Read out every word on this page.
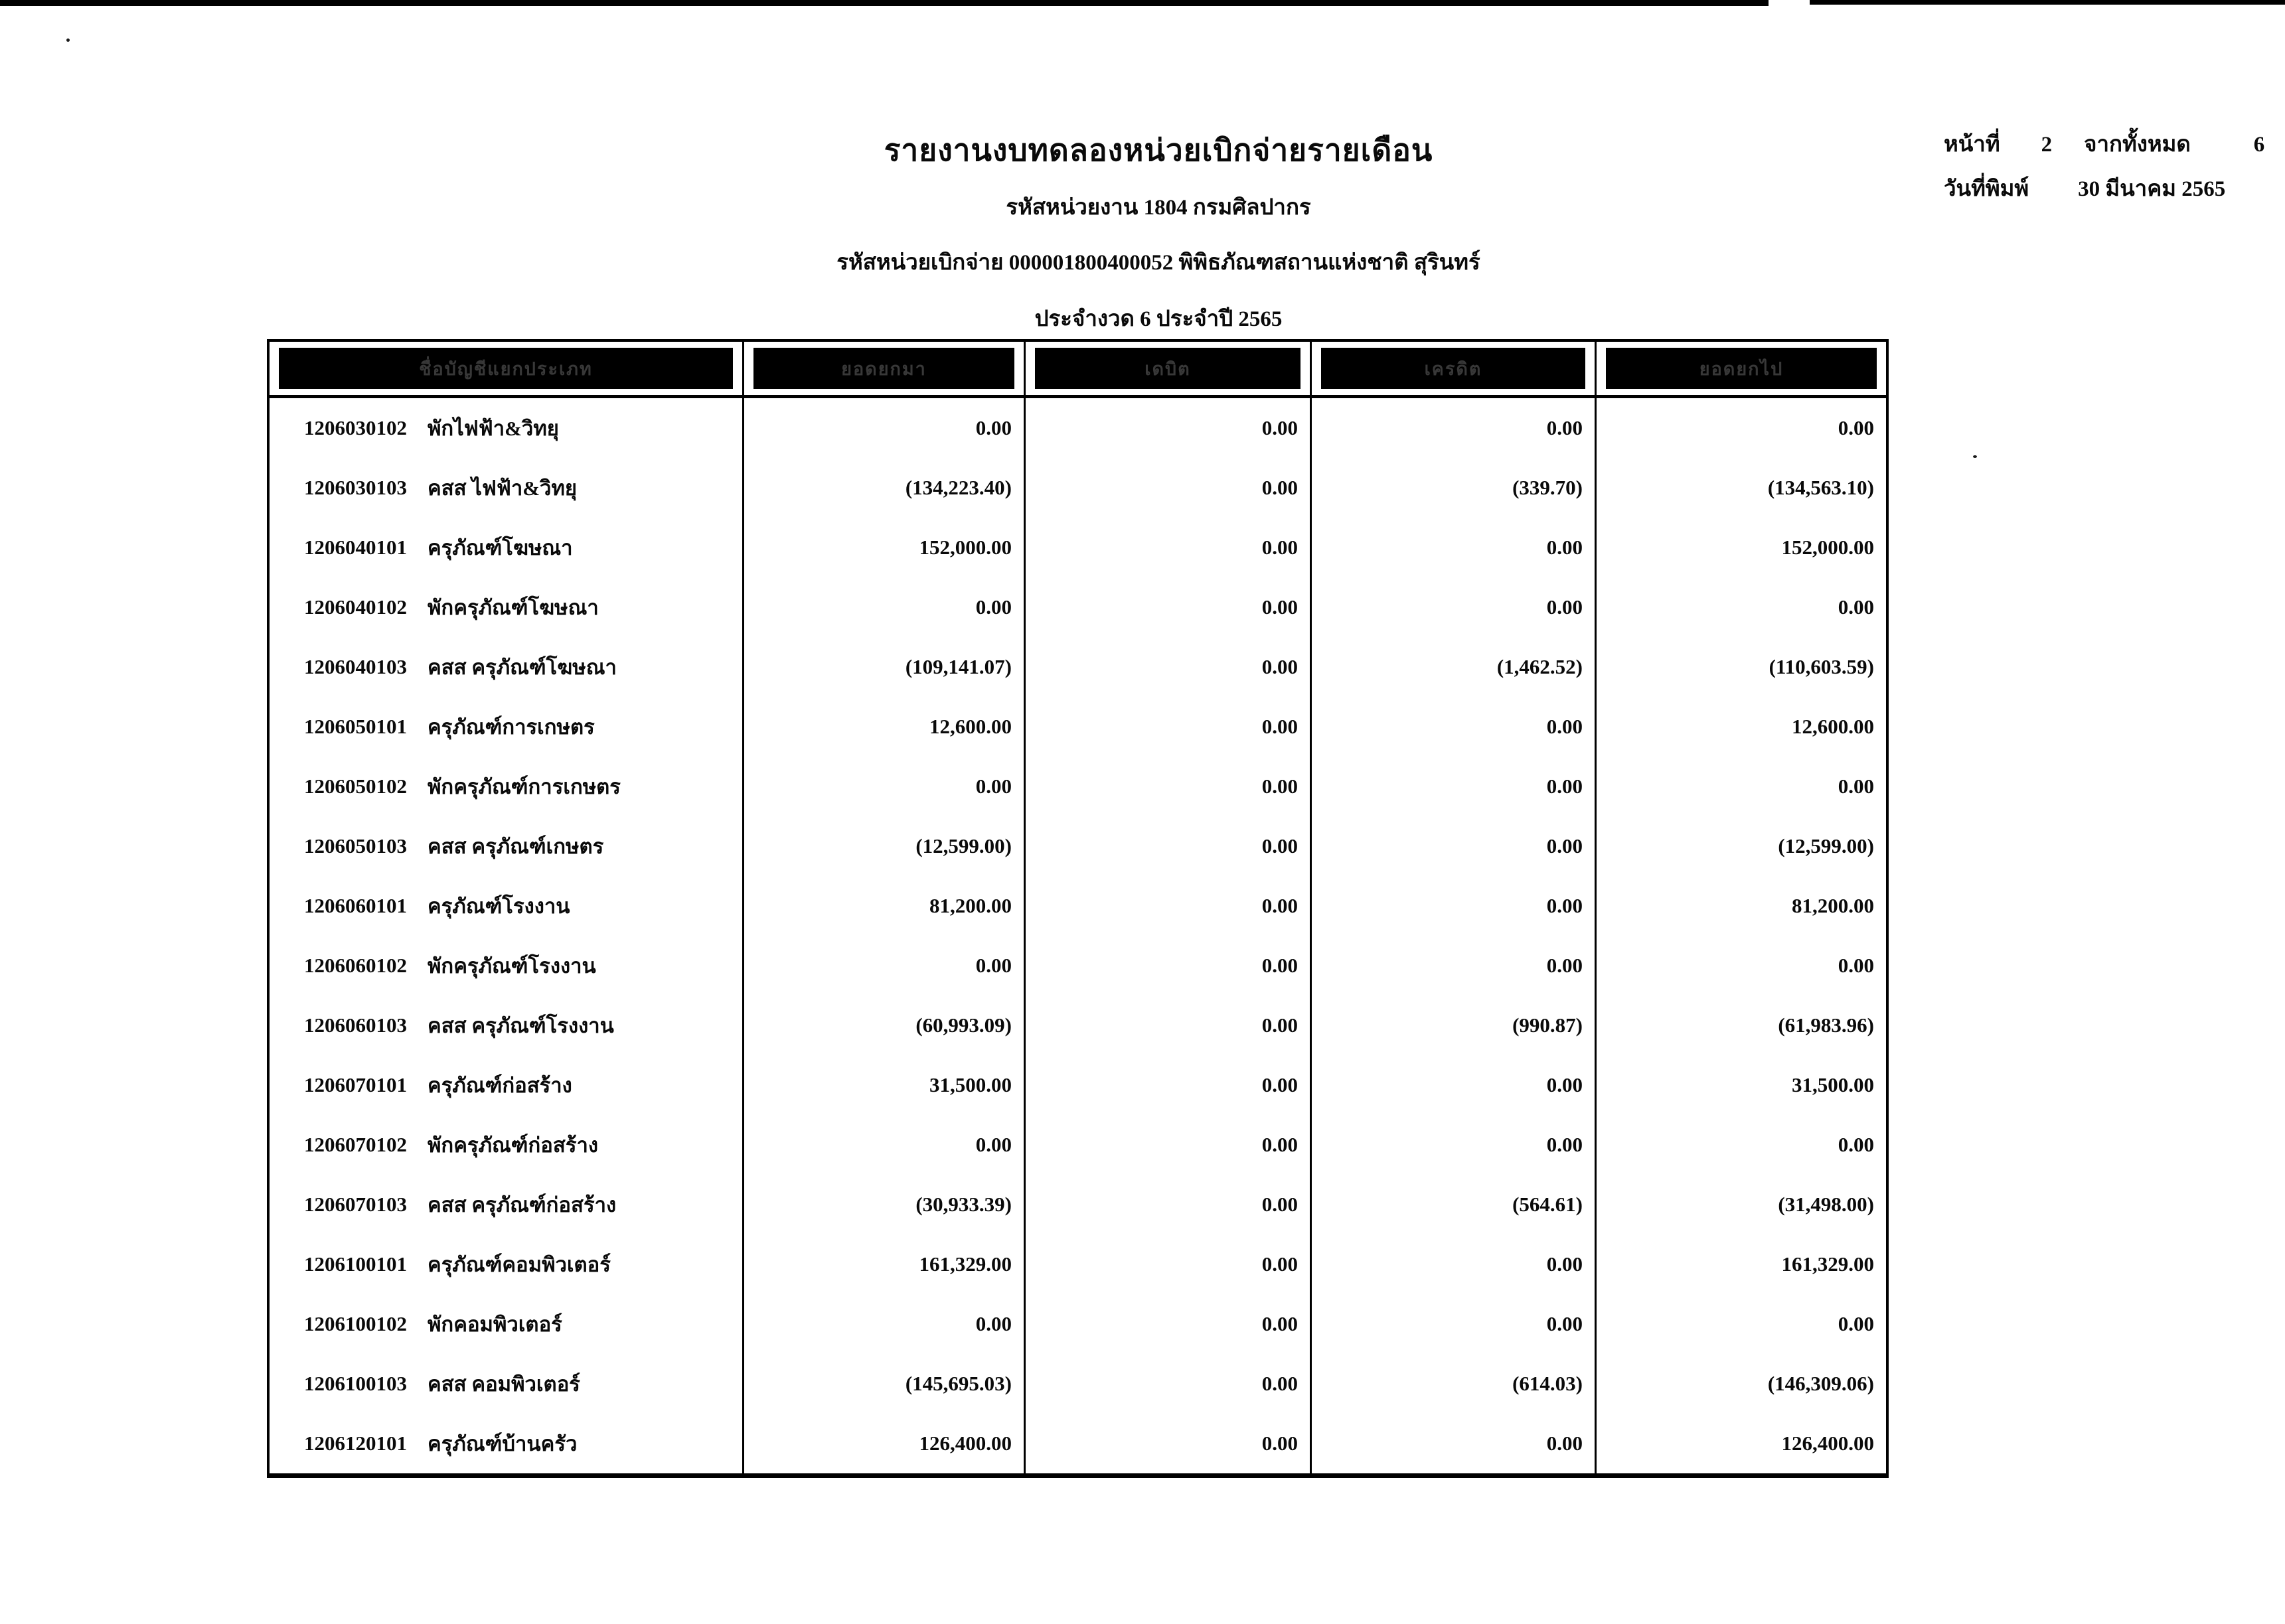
รายงานงบทดลองหน่วยเบิกจ่ายรายเดือน
รหัสหน่วยงาน 1804 กรมศิลปากร
รหัสหน่วยเบิกจ่าย 000001800400052 พิพิธภัณฑสถานแห่งชาติ สุรินทร์
ประจำงวด 6 ประจำปี 2565
หน้าที่ 2 จากทั้งหมด	6
วันที่พิมพ์ 30 มีนาคม 2565
ชื่อบัญชีแยกประเภท	ยอดยกมา	เดบิต	เครดิต	ยอดยกไป
1206030102	พักไฟฟ้า&วิทยุ	0.00	0.00	0.00	0.00
1206030103	คสส ไฟฟ้า&วิทยุ	(134,223.40)	0.00	(339.70)	(134,563.10)
1206040101	ครุภัณฑ์โฆษณา	152,000.00	0.00	0.00	152,000.00
1206040102	พักครุภัณฑ์โฆษณา	0.00	0.00	0.00	0.00
1206040103	คสส ครุภัณฑ์โฆษณา	(109,141.07)	0.00	(1,462.52)	(110,603.59)
1206050101	ครุภัณฑ์การเกษตร	12,600.00	0.00	0.00	12,600.00
1206050102	พักครุภัณฑ์การเกษตร	0.00	0.00	0.00	0.00
1206050103	คสส ครุภัณฑ์เกษตร	(12,599.00)	0.00	0.00	(12,599.00)
1206060101	ครุภัณฑ์โรงงาน	81,200.00	0.00	0.00	81,200.00
1206060102	พักครุภัณฑ์โรงงาน	0.00	0.00	0.00	0.00
1206060103	คสส ครุภัณฑ์โรงงาน	(60,993.09)	0.00	(990.87)	(61,983.96)
1206070101	ครุภัณฑ์ก่อสร้าง	31,500.00	0.00	0.00	31,500.00
1206070102	พักครุภัณฑ์ก่อสร้าง	0.00	0.00	0.00	0.00
1206070103	คสส ครุภัณฑ์ก่อสร้าง	(30,933.39)	0.00	(564.61)	(31,498.00)
1206100101	ครุภัณฑ์คอมพิวเตอร์	161,329.00	0.00	0.00	161,329.00
1206100102	พักคอมพิวเตอร์	0.00	0.00	0.00	0.00
1206100103	คสส คอมพิวเตอร์	(145,695.03)	0.00	(614.03)	(146,309.06)
1206120101	ครุภัณฑ์บ้านครัว	126,400.00	0.00	0.00	126,400.00
